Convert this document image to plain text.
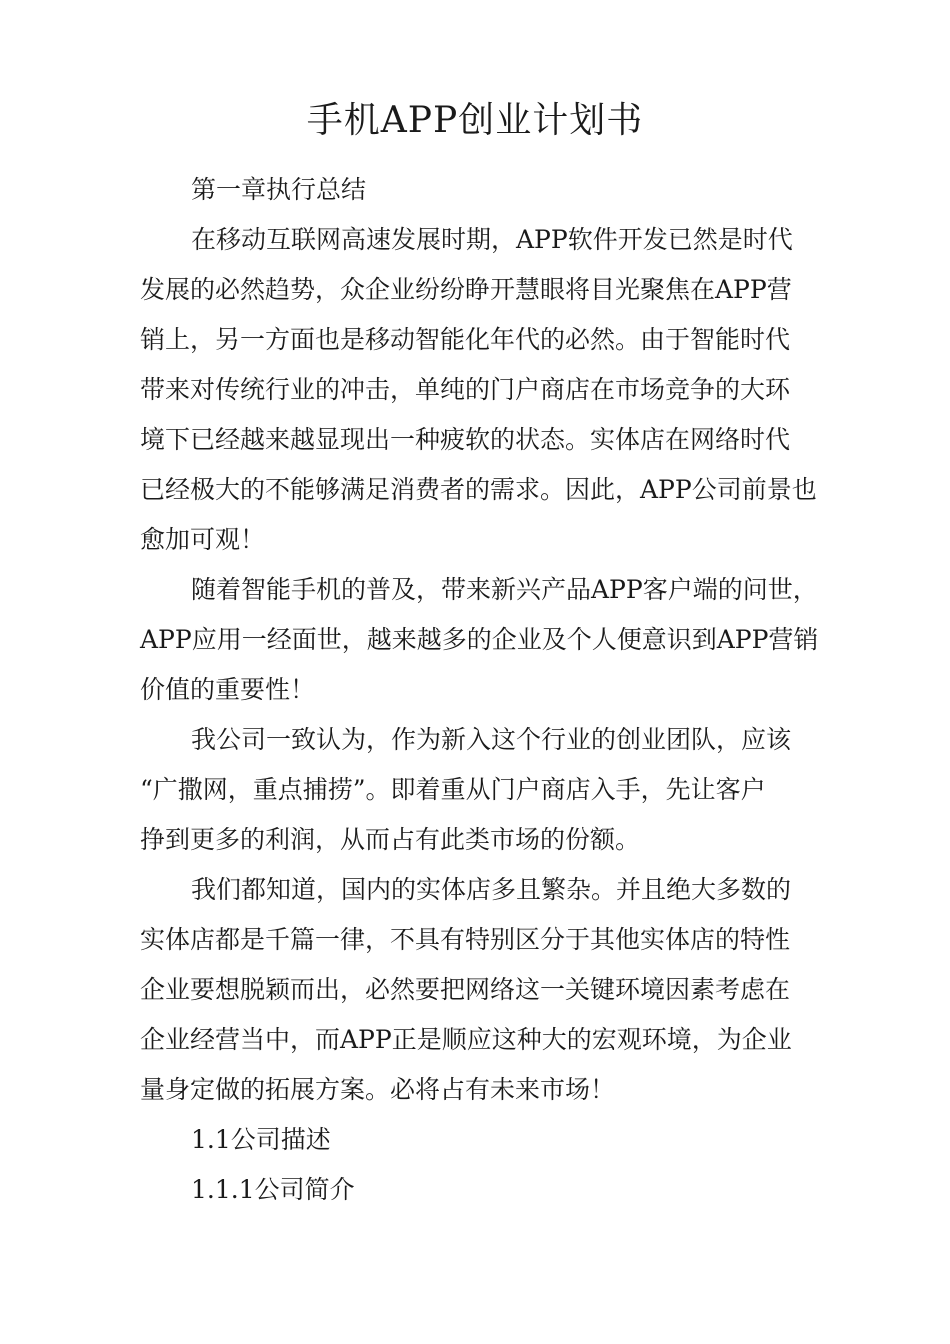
手机APP创业计划书
第一章执行总结
在移动互联网高速发展时期，APP软件开发已然是时代
发展的必然趋势，众企业纷纷睁开慧眼将目光聚焦在APP营
销上，另一方面也是移动智能化年代的必然。由于智能时代
带来对传统行业的冲击，单纯的门户商店在市场竞争的大环
境下已经越来越显现出一种疲软的状态。实体店在网络时代
已经极大的不能够满足消费者的需求。因此，APP公司前景也
愈加可观！
随着智能手机的普及，带来新兴产品APP客户端的问世，
APP应用一经面世，越来越多的企业及个人便意识到APP营销
价值的重要性！
我公司一致认为，作为新入这个行业的创业团队，应该
“广撒网，重点捕捞”。即着重从门户商店入手，先让客户
挣到更多的利润，从而占有此类市场的份额。
我们都知道，国内的实体店多且繁杂。并且绝大多数的
实体店都是千篇一律，不具有特别区分于其他实体店的特性
企业要想脱颖而出，必然要把网络这一关键环境因素考虑在
企业经营当中，而APP正是顺应这种大的宏观环境，为企业
量身定做的拓展方案。必将占有未来市场！
1.1公司描述
1.1.1公司简介
